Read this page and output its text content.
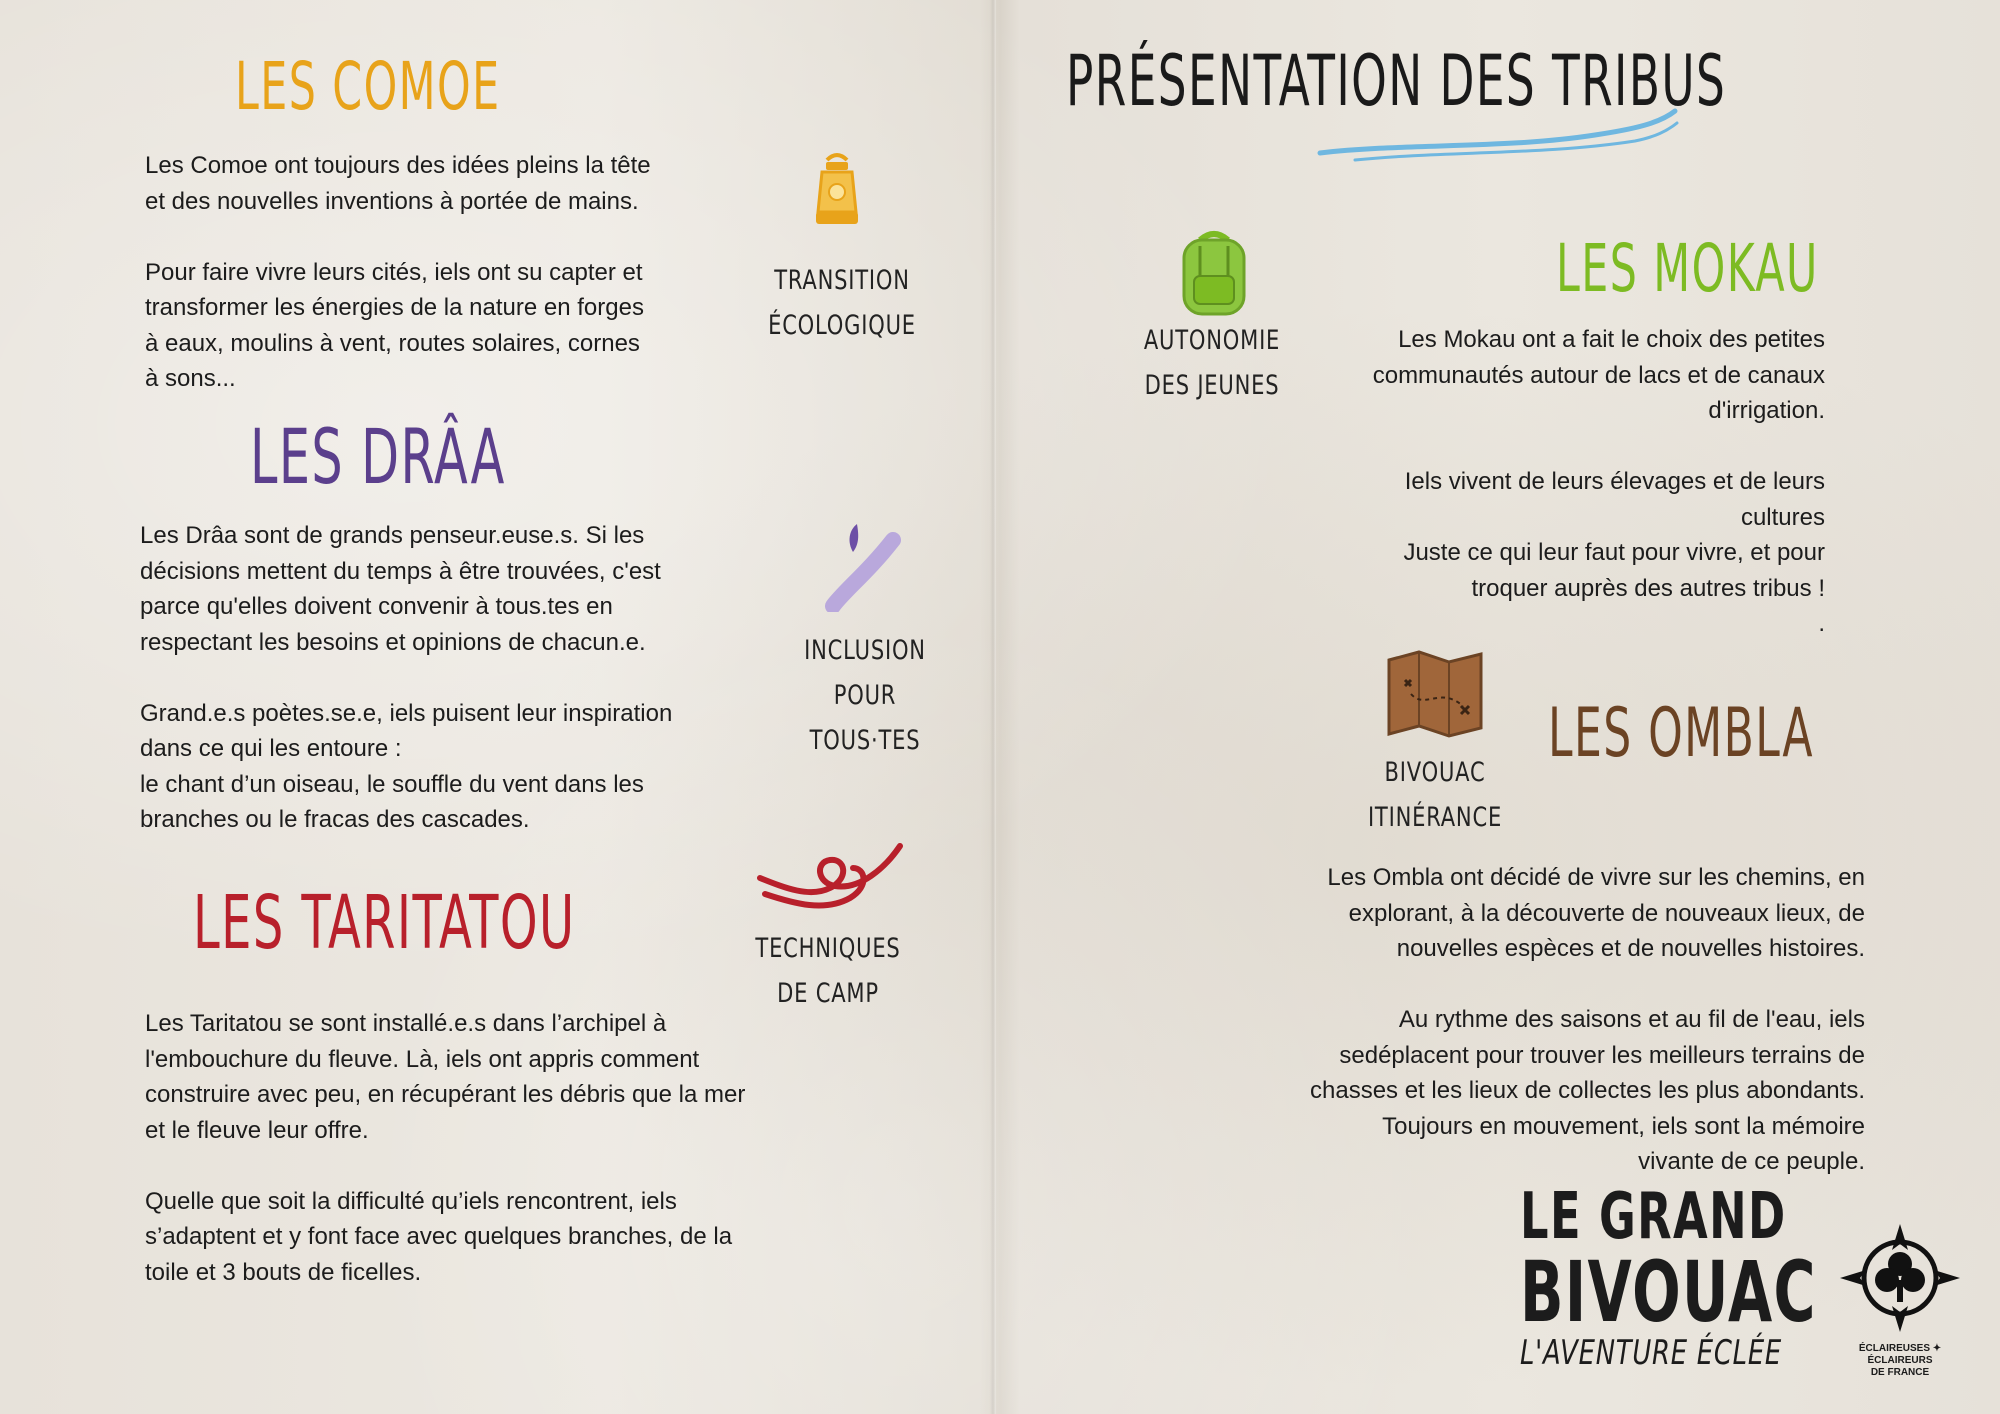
PRÉSENTATION DES TRIBUS
LES COMOE
Les Comoe ont toujours des idées pleins la tête
et des nouvelles inventions à portée de mains.

Pour faire vivre leurs cités, iels ont su capter et
transformer les énergies de la nature en forges
à eaux, moulins à vent, routes solaires, cornes
à sons...
TRANSITION
ÉCOLOGIQUE
LES DRÂA
Les Drâa sont de grands penseur.euse.s. Si les
décisions mettent du temps à être trouvées, c'est
parce qu'elles doivent convenir à tous.tes en
respectant les besoins et opinions de chacun.e.

Grand.e.s poètes.se.e, iels puisent leur inspiration
dans ce qui les entoure :
le chant d’un oiseau, le souffle du vent dans les
branches ou le fracas des cascades.
INCLUSION
POUR TOUS·TES
LES TARITATOU
Les Taritatou se sont installé.e.s dans l’archipel à
l'embouchure du fleuve. Là, iels ont appris comment
construire avec peu, en récupérant les débris que la mer
et le fleuve leur offre.

Quelle que soit la difficulté qu’iels rencontrent, iels
s’adaptent et y font face avec quelques branches, de la
toile et 3 bouts de ficelles.
TECHNIQUES
DE CAMP
AUTONOMIE
DES JEUNES
LES MOKAU
Les Mokau ont a fait le choix des petites
communautés autour de lacs et de canaux
d'irrigation.

Iels vivent de leurs élevages et de leurs
cultures
Juste ce qui leur faut pour vivre, et pour
troquer auprès des autres tribus !
.
BIVOUAC
ITINÉRANCE
LES OMBLA
Les Ombla ont décidé de vivre sur les chemins, en
explorant, à la découverte de nouveaux lieux, de
nouvelles espèces et de nouvelles histoires.

Au rythme des saisons et au fil de l'eau, iels
sedéplacent pour trouver les meilleurs terrains de
chasses et les lieux de collectes les plus abondants.
Toujours en mouvement, iels sont la mémoire
vivante de ce peuple.
LE GRAND
BIVOUAC
L'AVENTURE ÉCLÉE	ÉCLAIREUSES ✦ ÉCLAIREURS
DE FRANCE
